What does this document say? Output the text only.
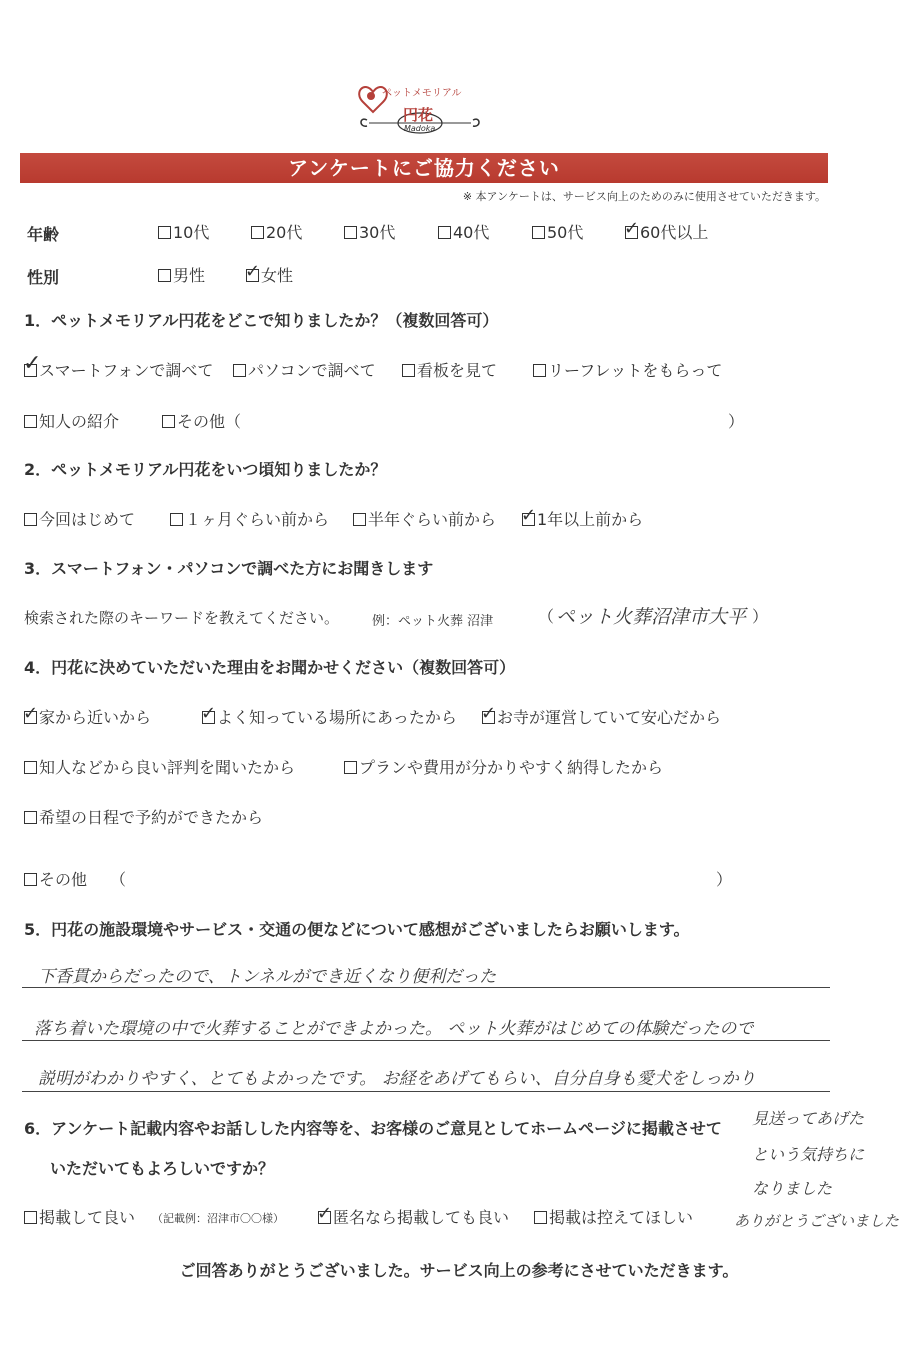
ペットメモリアル
円花
Madoka
アンケートにご協力ください
※ 本アンケートは、サービス向上のためのみに使用させていただきます。
年齢	10代	20代	30代	40代	50代 ✓ 60代以上
性別	男性 ✓ 女性
1．ペットメモリアル円花をどこで知りましたか？（複数回答可）
✓
スマートフォンで調べて	パソコンで調べて	看板を見て	リーフレットをもらって
知人の紹介	その他（	）
2．ペットメモリアル円花をいつ頃知りましたか？
今回はじめて	１ヶ月ぐらい前から	半年ぐらい前から ✓ 1年以上前から
3．スマートフォン・パソコンで調べた方にお聞きします
検索された際のキーワードを教えてください。	例：ペット火葬 沼津	（ ペット火葬沼津市大平 ）
4．円花に決めていただいた理由をお聞かせください（複数回答可）
✓ 家から近いから	✓ よく知っている場所にあったから ✓ お寺が運営していて安心だから
知人などから良い評判を聞いたから	プランや費用が分かりやすく納得したから
希望の日程で予約ができたから
その他 （	）
5．円花の施設環境やサービス・交通の便などについて感想がございましたらお願いします。
下香貫からだったので、トンネルができ近くなり便利だった
落ち着いた環境の中で火葬することができよかった。 ペット火葬がはじめての体験だったので
説明がわかりやすく、とてもよかったです。 お経をあげてもらい、自分自身も愛犬をしっかり
6．アンケート記載内容やお話しした内容等を、お客様のご意見としてホームページに掲載させて
いただいてもよろしいですか？
掲載して良い （記載例：沼津市〇〇様） ✓ 匿名なら掲載しても良い	掲載は控えてほしい
見送ってあげた
という気持ちに
なりました
ありがとうございました
ご回答ありがとうございました。サービス向上の参考にさせていただきます。
